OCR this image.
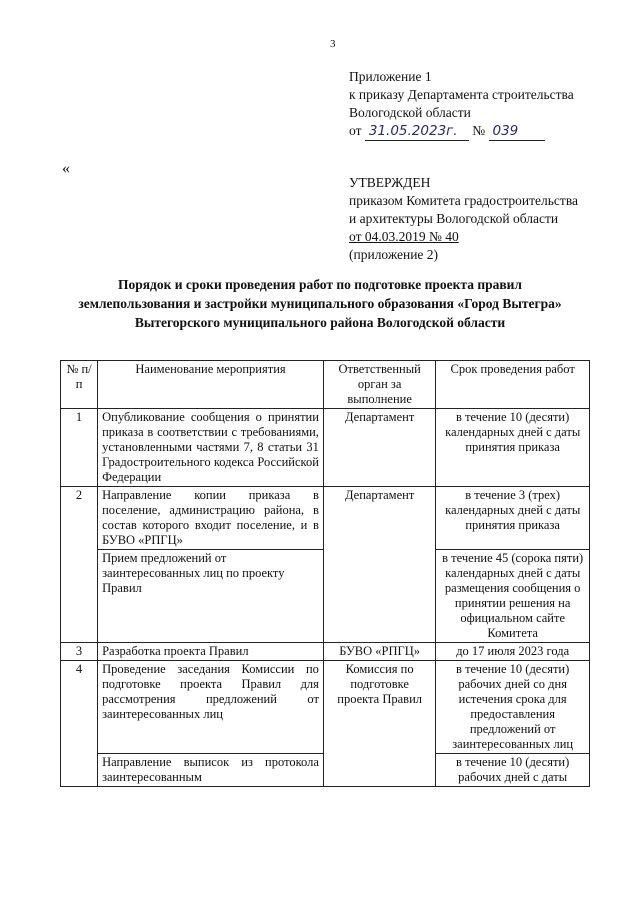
3
Приложение 1
к приказу Департамента строительства
Вологодской области
от 31.05.2023г. № 039
«
УТВЕРЖДЕН
приказом Комитета градостроительства
и архитектуры Вологодской области
от 04.03.2019 № 40
(приложение 2)
Порядок и сроки проведения работ по подготовке проекта правил
землепользования и застройки муниципального образования «Город Вытегра»
Вытегорского муниципального района Вологодской области
№ п/п	Наименование мероприятия	Ответственный орган за выполнение	Срок проведения работ
1	Опубликование сообщения о принятии приказа в соответствии с требованиями, установленными частями 7, 8 статьи 31 Градостроительного кодекса Российской Федерации	Департамент	в течение 10 (десяти) календарных дней с даты принятия приказа
2	Направление копии приказа в поселение, администрацию района, в состав которого входит поселение, и в БУВО «РПГЦ»	Департамент	в течение 3 (трех) календарных дней с даты принятия приказа
	Прием предложений от заинтересованных лиц по проекту Правил		в течение 45 (сорока пяти) календарных дней с даты размещения сообщения о принятии решения на официальном сайте Комитета
3	Разработка проекта Правил	БУВО «РПГЦ»	до 17 июля 2023 года
4	Проведение заседания Комиссии по подготовке проекта Правил для рассмотрения предложений от заинтересованных лиц	Комиссия по подготовке проекта Правил	в течение 10 (десяти) рабочих дней со дня истечения срока для предоставления предложений от заинтересованных лиц
	Направление выписок из протокола заинтересованным		в течение 10 (десяти) рабочих дней с даты
